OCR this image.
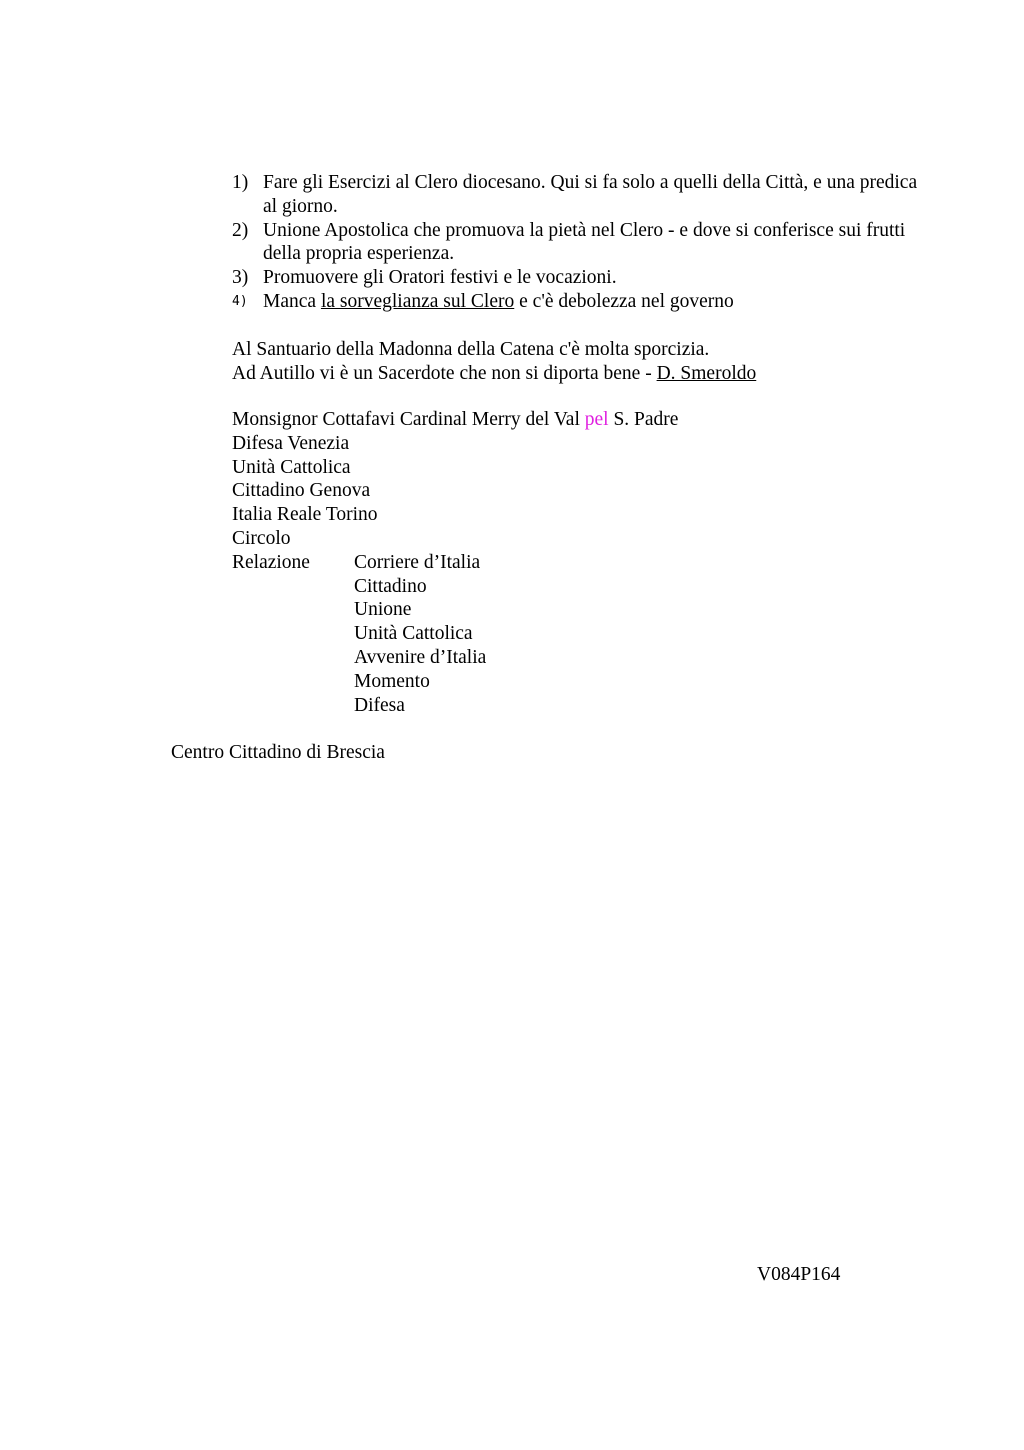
1) Fare gli Esercizi al Clero diocesano. Qui si fa solo a quelli della Città, e una predica al giorno.
2) Unione Apostolica che promuova la pietà nel Clero - e dove si conferisce sui frutti della propria esperienza.
3) Promuovere gli Oratori festivi e le vocazioni.
4) Manca la sorveglianza sul Clero e c'è debolezza nel governo
Al Santuario della Madonna della Catena c'è molta sporcizia.
Ad Autillo vi è un Sacerdote che non si diporta bene - D. Smeroldo
Monsignor Cottafavi Cardinal Merry del Val pel S. Padre
Difesa Venezia
Unità Cattolica
Cittadino Genova
Italia Reale Torino
Circolo
Relazione Corriere d’Italia
Cittadino
Unione
Unità Cattolica
Avvenire d’Italia
Momento
Difesa
Centro Cittadino di Brescia
V084P164
